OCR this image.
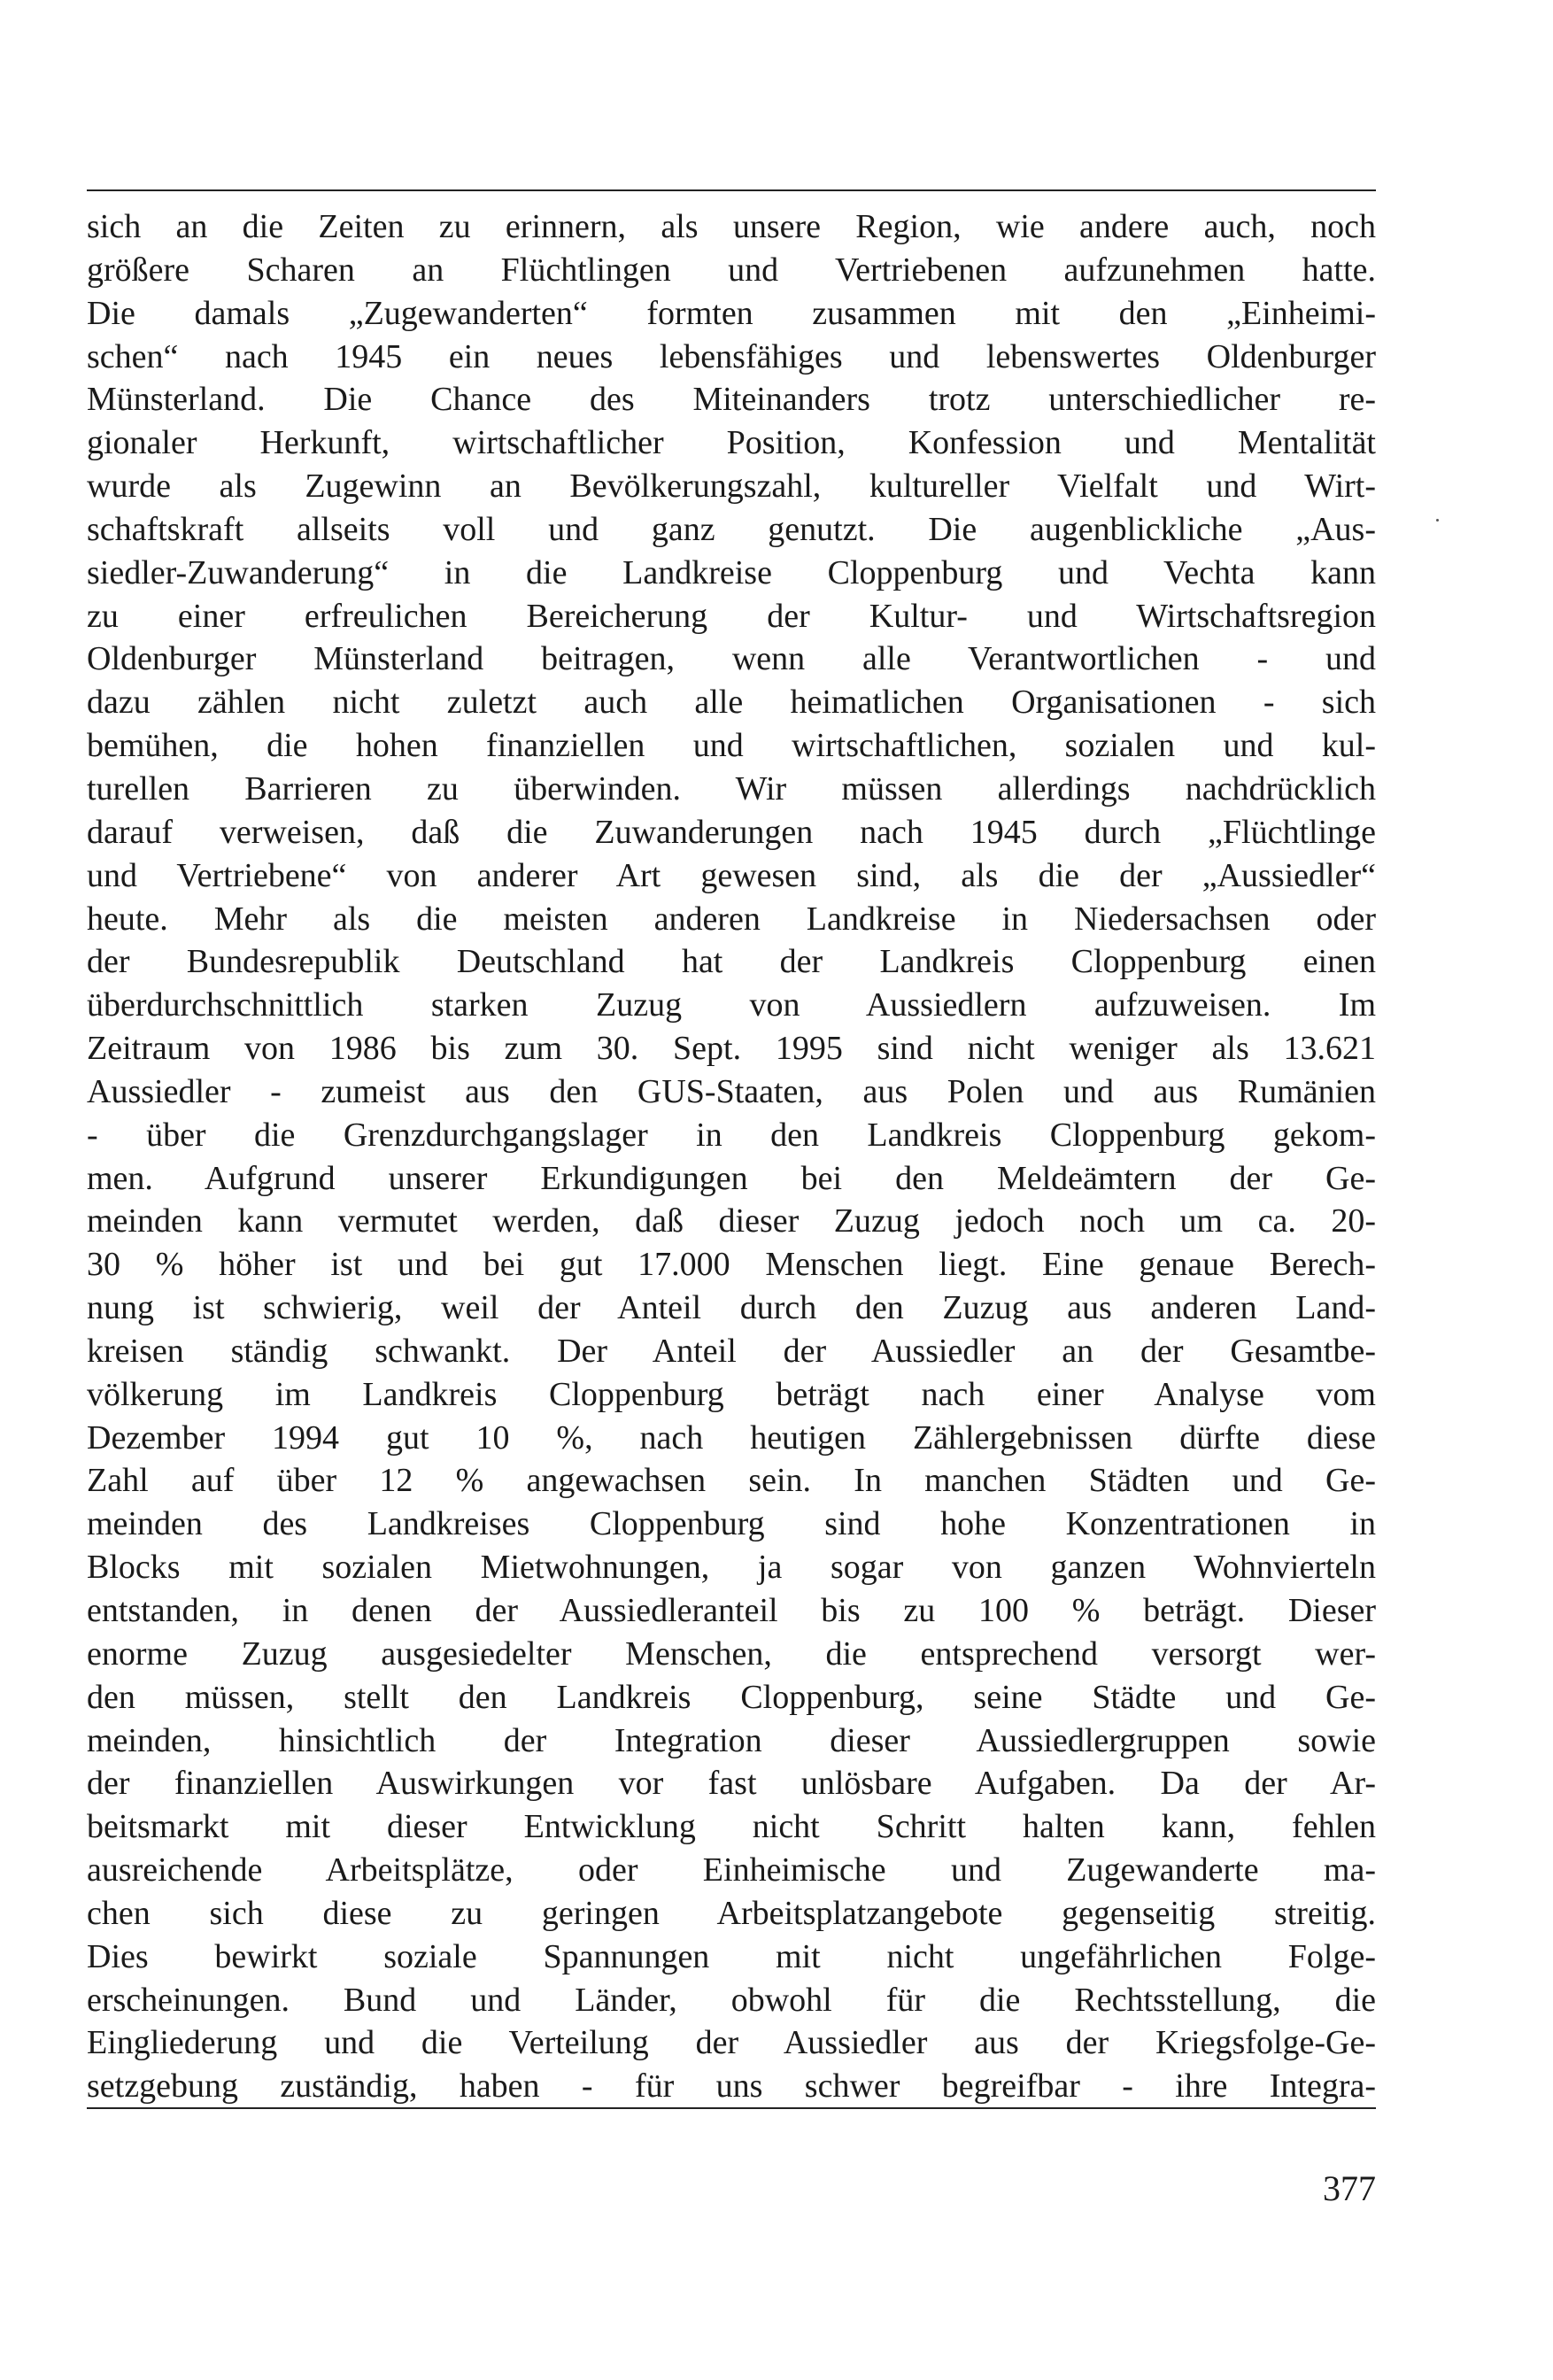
sich an die Zeiten zu erinnern, als unsere Region, wie andere auch, noch
größere Scharen an Flüchtlingen und Vertriebenen aufzunehmen hatte.
Die damals „Zugewanderten“ formten zusammen mit den „Einheimi-
schen“ nach 1945 ein neues lebensfähiges und lebenswertes Oldenburger
Münsterland. Die Chance des Miteinanders trotz unterschiedlicher re-
gionaler Herkunft, wirtschaftlicher Position, Konfession und Mentalität
wurde als Zugewinn an Bevölkerungszahl, kultureller Vielfalt und Wirt-
schaftskraft allseits voll und ganz genutzt. Die augenblickliche „Aus-
siedler-Zuwanderung“ in die Landkreise Cloppenburg und Vechta kann
zu einer erfreulichen Bereicherung der Kultur- und Wirtschaftsregion
Oldenburger Münsterland beitragen, wenn alle Verantwortlichen - und
dazu zählen nicht zuletzt auch alle heimatlichen Organisationen - sich
bemühen, die hohen finanziellen und wirtschaftlichen, sozialen und kul-
turellen Barrieren zu überwinden. Wir müssen allerdings nachdrücklich
darauf verweisen, daß die Zuwanderungen nach 1945 durch „Flüchtlinge
und Vertriebene“ von anderer Art gewesen sind, als die der „Aussiedler“
heute. Mehr als die meisten anderen Landkreise in Niedersachsen oder
der Bundesrepublik Deutschland hat der Landkreis Cloppenburg einen
überdurchschnittlich starken Zuzug von Aussiedlern aufzuweisen. Im
Zeitraum von 1986 bis zum 30. Sept. 1995 sind nicht weniger als 13.621
Aussiedler - zumeist aus den GUS-Staaten, aus Polen und aus Rumänien
- über die Grenzdurchgangslager in den Landkreis Cloppenburg gekom-
men. Aufgrund unserer Erkundigungen bei den Meldeämtern der Ge-
meinden kann vermutet werden, daß dieser Zuzug jedoch noch um ca. 20-
30 % höher ist und bei gut 17.000 Menschen liegt. Eine genaue Berech-
nung ist schwierig, weil der Anteil durch den Zuzug aus anderen Land-
kreisen ständig schwankt. Der Anteil der Aussiedler an der Gesamtbe-
völkerung im Landkreis Cloppenburg beträgt nach einer Analyse vom
Dezember 1994 gut 10 %, nach heutigen Zählergebnissen dürfte diese
Zahl auf über 12 % angewachsen sein. In manchen Städten und Ge-
meinden des Landkreises Cloppenburg sind hohe Konzentrationen in
Blocks mit sozialen Mietwohnungen, ja sogar von ganzen Wohnvierteln
entstanden, in denen der Aussiedleranteil bis zu 100 % beträgt. Dieser
enorme Zuzug ausgesiedelter Menschen, die entsprechend versorgt wer-
den müssen, stellt den Landkreis Cloppenburg, seine Städte und Ge-
meinden, hinsichtlich der Integration dieser Aussiedlergruppen sowie
der finanziellen Auswirkungen vor fast unlösbare Aufgaben. Da der Ar-
beitsmarkt mit dieser Entwicklung nicht Schritt halten kann, fehlen
ausreichende Arbeitsplätze, oder Einheimische und Zugewanderte ma-
chen sich diese zu geringen Arbeitsplatzangebote gegenseitig streitig.
Dies bewirkt soziale Spannungen mit nicht ungefährlichen Folge-
erscheinungen. Bund und Länder, obwohl für die Rechtsstellung, die
Eingliederung und die Verteilung der Aussiedler aus der Kriegsfolge-Ge-
setzgebung zuständig, haben - für uns schwer begreifbar - ihre Integra-
377
